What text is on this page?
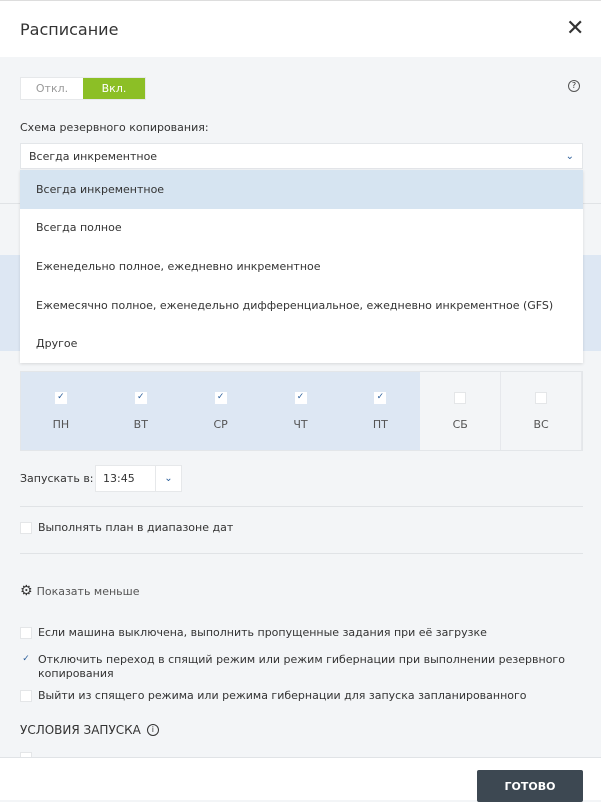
Расписание	✕
Откл.	Вкл.	?
Схема резервного копирования:
Всегда инкрементное	⌄
Всегда инкрементное
Всегда полное
Еженедельно полное, ежедневно инкрементное
Ежемесячно полное, еженедельно дифференциальное, ежедневно инкрементное (GFS)
Другое
✓
ПН
✓
ВТ
✓
СР
✓
ЧТ
✓
ПТ	СБ	ВС
Запускать в: 13:45	⌄
Выполнять план в диапазоне дат
⚙ Показать меньше
Если машина выключена, выполнить пропущенные задания при её загрузке
✓ Отключить переход в спящий режим или режим гибернации при выполнении резервного копирования
Выйти из спящего режима или режима гибернации для запуска запланированного
УСЛОВИЯ ЗАПУСКА	i
ГОТОВО
